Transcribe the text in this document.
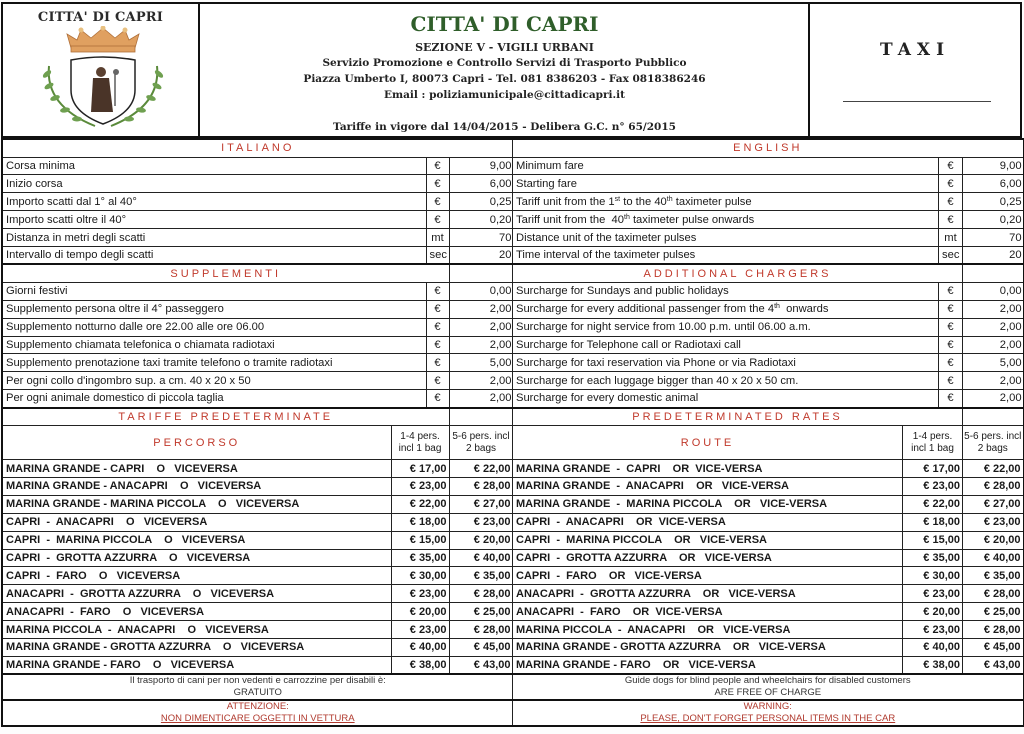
CITTA' DI CAPRI	CITTA' DI CAPRI
SEZIONE V - VIGILI URBANI
Servizio Promozione e Controllo Servizi di Trasporto Pubblico
Piazza Umberto I, 80073 Capri - Tel. 081 8386203 - Fax 0818386246
Email : poliziamunicipale@cittadicapri.it
Tariffe in vigore dal 14/04/2015 - Delibera G.C. n° 65/2015
TAXI
ITALIANO			
Corsa minima		€	9,00
Inizio corsa		€	6,00
Importo scatti dal 1° al 40°		€	0,25
Importo scatti oltre il 40°		€	0,20
Distanza in metri degli scatti		mt	70
Intervallo di tempo degli scatti		sec	20
SUPPLEMENTI			
Giorni festivi		€	0,00
Supplemento persona oltre il 4° passeggero		€	2,00
Supplemento notturno dalle ore 22.00 alle ore 06.00		€	2,00
Supplemento chiamata telefonica o chiamata radiotaxi		€	2,00
Supplemento prenotazione taxi tramite telefono o tramite radiotaxi		€	5,00
Per ogni collo d'ingombro sup. a cm. 40 x 20 x 50		€	2,00
Per ogni animale domestico di piccola taglia		€	2,00
TARIFFE PREDETERMINATE			
PERCORSO	1-4 pers. incl 1 bag		5-6 pers. incl 2 bags
MARINA GRANDE - CAPRI    O   VICEVERSA	€ 17,00		€ 22,00
MARINA GRANDE - ANACAPRI    O   VICEVERSA	€ 23,00		€ 28,00
MARINA GRANDE - MARINA PICCOLA    O   VICEVERSA	€ 22,00		€ 27,00
CAPRI  -  ANACAPRI    O   VICEVERSA	€ 18,00		€ 23,00
CAPRI  -  MARINA PICCOLA    O   VICEVERSA	€ 15,00		€ 20,00
CAPRI  -  GROTTA AZZURRA    O   VICEVERSA	€ 35,00		€ 40,00
CAPRI  -  FARO    O   VICEVERSA	€ 30,00		€ 35,00
ANACAPRI  -  GROTTA AZZURRA    O   VICEVERSA	€ 23,00		€ 28,00
ANACAPRI  -  FARO    O   VICEVERSA	€ 20,00		€ 25,00
MARINA PICCOLA  -  ANACAPRI    O   VICEVERSA	€ 23,00		€ 28,00
MARINA GRANDE - GROTTA AZZURRA    O   VICEVERSA	€ 40,00		€ 45,00
MARINA GRANDE - FARO    O   VICEVERSA	€ 38,00		€ 43,00

Il trasporto di cani per non vedenti e carrozzine per disabili è:
GRATUITO			

ATTENZIONE:
NON DIMENTICARE OGGETTI IN VETTURA			
ENGLISH			
Minimum fare		€	9,00
Starting fare		€	6,00
Tariff unit from the 1st to the 40th taximeter pulse		€	0,25
Tariff unit from the  40th taximeter pulse onwards		€	0,20
Distance unit of the taximeter pulses		mt	70
Time interval of the taximeter pulses		sec	20
ADDITIONAL CHARGERS			
Surcharge for Sundays and public holidays		€	0,00
Surcharge for every additional passenger from the 4th  onwards		€	2,00
Surcharge for night service from 10.00 p.m. until 06.00 a.m.		€	2,00
Surcharge for Telephone call or Radiotaxi call		€	2,00
Surcharge for taxi reservation via Phone or via Radiotaxi		€	5,00
Surcharge for each luggage bigger than 40 x 20 x 50 cm.		€	2,00
Surcharge for every domestic animal		€	2,00
PREDETERMINATED RATES			
ROUTE	1-4 pers. incl 1 bag		5-6 pers. incl 2 bags
MARINA GRANDE  -  CAPRI    OR  VICE-VERSA	€ 17,00		€ 22,00
MARINA GRANDE  -  ANACAPRI    OR   VICE-VERSA	€ 23,00		€ 28,00
MARINA GRANDE  -  MARINA PICCOLA    OR   VICE-VERSA	€ 22,00		€ 27,00
CAPRI  -  ANACAPRI    OR  VICE-VERSA	€ 18,00		€ 23,00
CAPRI  -  MARINA PICCOLA    OR   VICE-VERSA	€ 15,00		€ 20,00
CAPRI  -  GROTTA AZZURRA    OR   VICE-VERSA	€ 35,00		€ 40,00
CAPRI  -  FARO    OR   VICE-VERSA	€ 30,00		€ 35,00
ANACAPRI  -  GROTTA AZZURRA    OR   VICE-VERSA	€ 23,00		€ 28,00
ANACAPRI  -  FARO    OR  VICE-VERSA	€ 20,00		€ 25,00
MARINA PICCOLA  -  ANACAPRI    OR   VICE-VERSA	€ 23,00		€ 28,00
MARINA GRANDE - GROTTA AZZURRA    OR   VICE-VERSA	€ 40,00		€ 45,00
MARINA GRANDE - FARO    OR   VICE-VERSA	€ 38,00		€ 43,00

Guide dogs for blind people and wheelchairs for disabled customers
ARE FREE OF CHARGE			

WARNING:
PLEASE, DON'T FORGET PERSONAL ITEMS IN THE CAR			
